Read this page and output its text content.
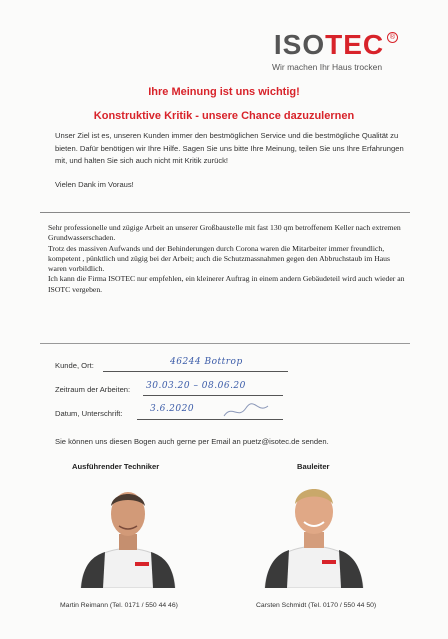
ISO TEC ®
Wir machen Ihr Haus trocken
Ihre Meinung ist uns wichtig!
Konstruktive Kritik - unsere Chance dazuzulernen
Unser Ziel ist es, unseren Kunden immer den bestmöglichen Service und die bestmögliche Qualität zu bieten. Dafür benötigen wir Ihre Hilfe. Sagen Sie uns bitte Ihre Meinung, teilen Sie uns Ihre Erfahrungen mit, und halten Sie sich auch nicht mit Kritik zurück!
Vielen Dank im Voraus!
Sehr professionelle und zügige Arbeit an unserer Großbaustelle mit fast 130 qm betroffenem Keller nach extremen Grundwasserschaden.
Trotz des massiven Aufwands und der Behinderungen durch Corona waren die Mitarbeiter immer freundlich, kompetent , pünktlich und zügig bei der Arbeit; auch die Schutzmassnahmen gegen den Abbruchstaub im Haus waren vorbildlich.
Ich kann die Firma ISOTEC nur empfehlen, ein kleinerer Auftrag in einem andern Gebäudeteil wird auch wieder an ISOTC vergeben.
Kunde, Ort:	46244 Bottrop
Zeitraum der Arbeiten: 30.03.20 – 08.06.20
Datum, Unterschrift:	3.6.2020
Sie können uns diesen Bogen auch gerne per Email an puetz@isotec.de senden.
Ausführender Techniker
Martin Reimann (Tel. 0171 / 550 44 46)
Bauleiter
Carsten Schmidt (Tel. 0170 / 550 44 50)
